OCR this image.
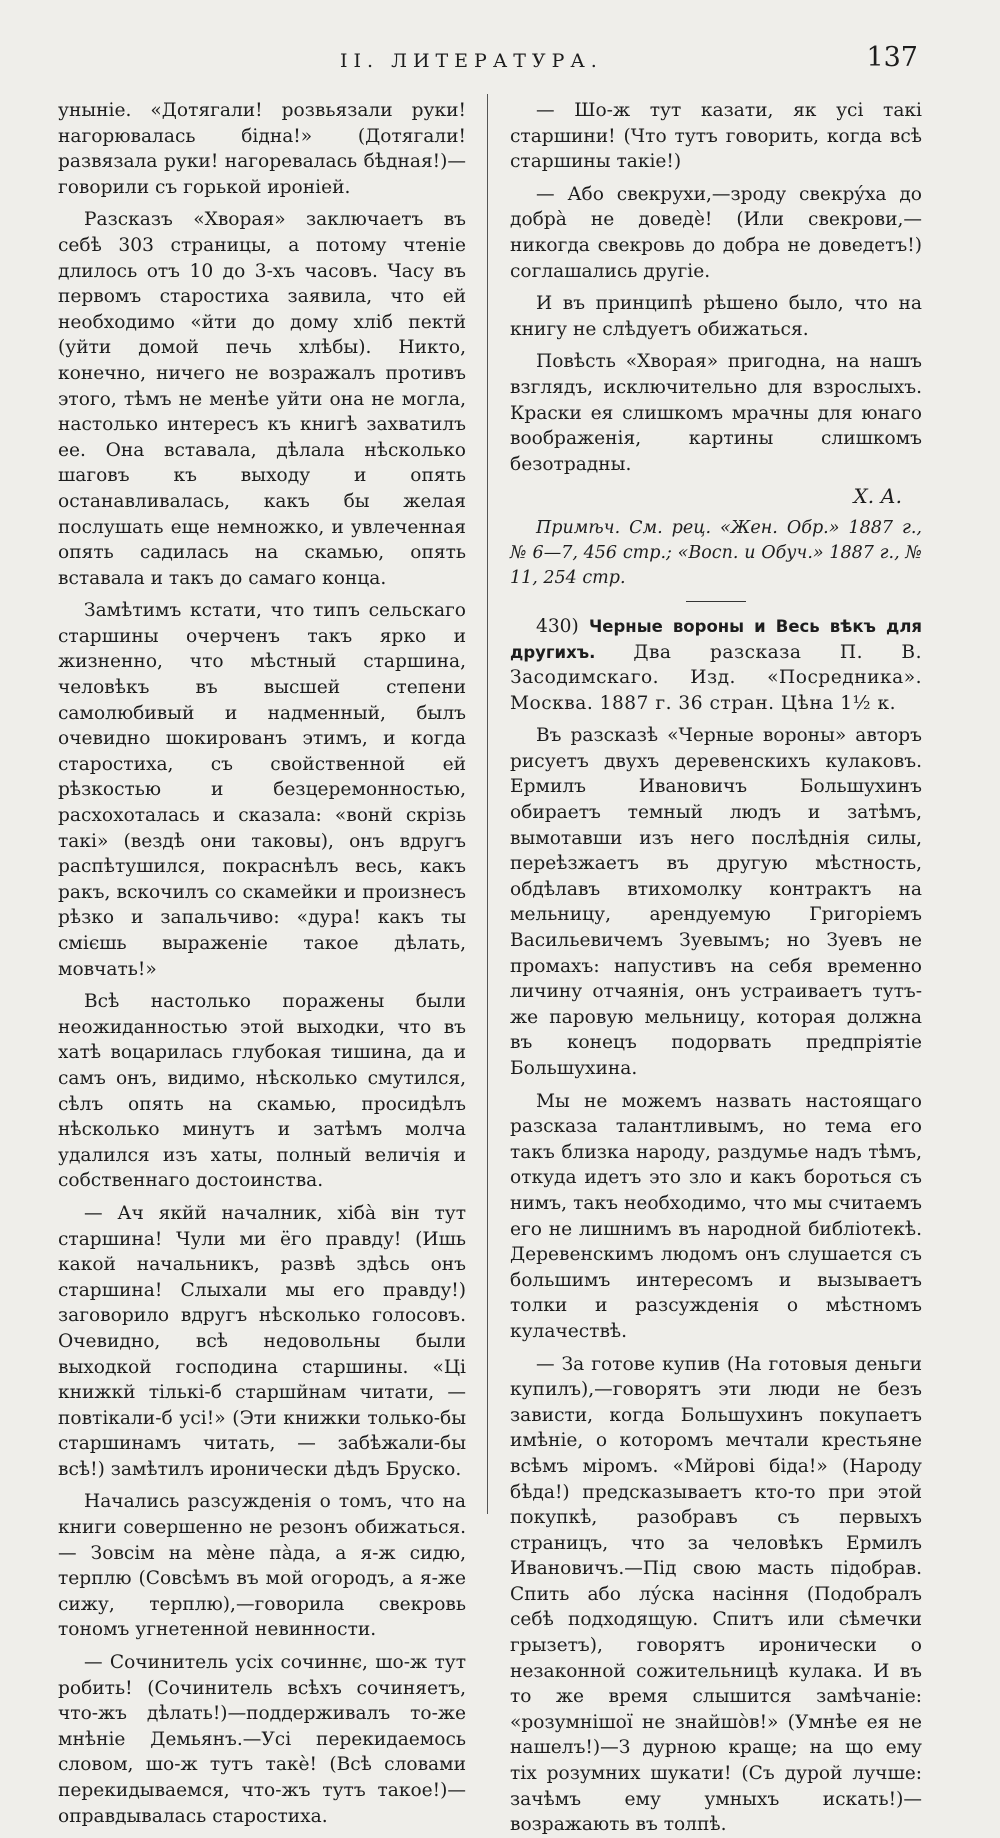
II. ЛИТЕРАТУРА.	137

уныніе. «Дотягали! розвьязали руки! нагорювалась бідна!» (Дотягали! развязала руки! нагоревалась бѣдная!)—говорили съ горькой ироніей.

Разсказъ «Хворая» заключаетъ въ себѣ 303 страницы, а потому чтеніе длилось отъ 10 до 3-хъ часовъ. Часу въ первомъ старостиха заявила, что ей необходимо «йти до дому хліб пектй (уйти домой печь хлѣбы). Никто, конечно, ничего не возражалъ противъ этого, тѣмъ не менѣе уйти она не могла, настолько интересъ къ книгѣ захватилъ ее. Она вставала, дѣлала нѣсколько шаговъ къ выходу и опять останавливалась, какъ бы желая послушать еще немножко, и увлеченная опять садилась на скамью, опять вставала и такъ до самаго конца.

Замѣтимъ кстати, что типъ сельскаго старшины очерченъ такъ ярко и жизненно, что мѣстный старшина, человѣкъ въ высшей степени самолюбивый и надменный, былъ очевидно шокированъ этимъ, и когда старостиха, съ свойственной ей рѣзкостью и безцеремонностью, расхохоталась и сказала: «вонй скрізь такі» (вездѣ они таковы), онъ вдругъ распѣтушился, покраснѣлъ весь, какъ ракъ, вскочилъ со скамейки и произнесъ рѣзко и запальчиво: «дура! какъ ты смієшь выраженіе такое дѣлать, мовчать!»

Всѣ настолько поражены были неожиданностью этой выходки, что въ хатѣ воцарилась глубокая тишина, да и самъ онъ, видимо, нѣсколько смутился, сѣлъ опять на скамью, просидѣлъ нѣсколько минутъ и затѣмъ молча удалился изъ хаты, полный величія и собственнаго достоинства.

— Ач якйй началник, хібà він тут старшина! Чули ми ёго правду! (Ишь какой начальникъ, развѣ здѣсь онъ старшина! Слыхали мы его правду!) заговорило вдругъ нѣсколько голосовъ. Очевидно, всѣ недовольны были выходкой господина старшины. «Ці книжкй тількі-б старшйнам читати, — повтікали-б усі!» (Эти книжки только-бы старшинамъ читать, — забѣжали-бы всѣ!) замѣтилъ иронически дѣдъ Бруско.

Начались разсужденія о томъ, что на книги совершенно не резонъ обижаться. — Зовсім на мèне пàда, а я-ж сидю, терплю (Совсѣмъ въ мой огородъ, а я-же сижу, терплю),—говорила свекровь тономъ угнетенной невинности.

— Сочинитель усіх сочиннє, шо-ж тут робить! (Сочинитель всѣхъ сочиняетъ, что-жъ дѣлать!)—поддерживалъ то-же мнѣніе Демьянъ.—Усі перекидаемось словом, шо-ж тутъ такè! (Всѣ словами перекидываемся, что-жъ тутъ такое!)—оправдывалась старостиха.

— Шо-ж тут казати, як усі такі старшини! (Что тутъ говорить, когда всѣ старшины такіе!)

— Або свекрухи,—зроду свекрýха до добрà не доведè! (Или свекрови,—никогда свекровь до добра не доведетъ!) соглашались другіе.

И въ принципѣ рѣшено было, что на книгу не слѣдуетъ обижаться.

Повѣсть «Хворая» пригодна, на нашъ взглядъ, исключительно для взрослыхъ. Краски ея слишкомъ мрачны для юнаго воображенія, картины слишкомъ безотрадны.

Х. А.

Примѣч. См. рец. «Жен. Обр.» 1887 г., № 6—7, 456 стр.; «Восп. и Обуч.» 1887 г., № 11, 254 стр.

430) Черные вороны и Весь вѣкъ для другихъ. Два разсказа П. В. Засодимскаго. Изд. «Посредника». Москва. 1887 г. 36 стран. Цѣна 1½ к.

Въ разсказѣ «Черные вороны» авторъ рисуетъ двухъ деревенскихъ кулаковъ. Ермилъ Ивановичъ Большухинъ обираетъ темный людъ и затѣмъ, вымотавши изъ него послѣднія силы, переѣзжаетъ въ другую мѣстность, обдѣлавъ втихомолку контрактъ на мельницу, арендуемую Григоріемъ Васильевичемъ Зуевымъ; но Зуевъ не промахъ: напустивъ на себя временно личину отчаянія, онъ устраиваетъ тутъ-же паровую мельницу, которая должна въ конецъ подорвать предпріятіе Большухина.

Мы не можемъ назвать настоящаго разсказа талантливымъ, но тема его такъ близка народу, раздумье надъ тѣмъ, откуда идетъ это зло и какъ бороться съ нимъ, такъ необходимо, что мы считаемъ его не лишнимъ въ народной библіотекѣ. Деревенскимъ людомъ онъ слушается съ большимъ интересомъ и вызываетъ толки и разсужденія о мѣстномъ кулачествѣ.

— За готове купив (На готовыя деньги купилъ),—говорятъ эти люди не безъ зависти, когда Большухинъ покупаетъ имѣніе, о которомъ мечтали крестьяне всѣмъ міромъ. «Мйрові біда!» (Народу бѣда!) предсказываетъ кто-то при этой покупкѣ, разобравъ съ первыхъ страницъ, что за человѣкъ Ермилъ Ивановичъ.—Під свою масть підобрав. Спить або лýска насіння (Подобралъ себѣ подходящую. Спитъ или сѣмечки грызетъ), говорятъ иронически о незаконной сожительницѣ кулака. И въ то же время слышится замѣчаніе: «розумнішої не знайшòв!» (Умнѣе ея не нашелъ!)—З дурною краще; на що ему тіх розумних шукати! (Съ дурой лучше: зачѣмъ ему умныхъ искать!)—возражають въ толпѣ.
